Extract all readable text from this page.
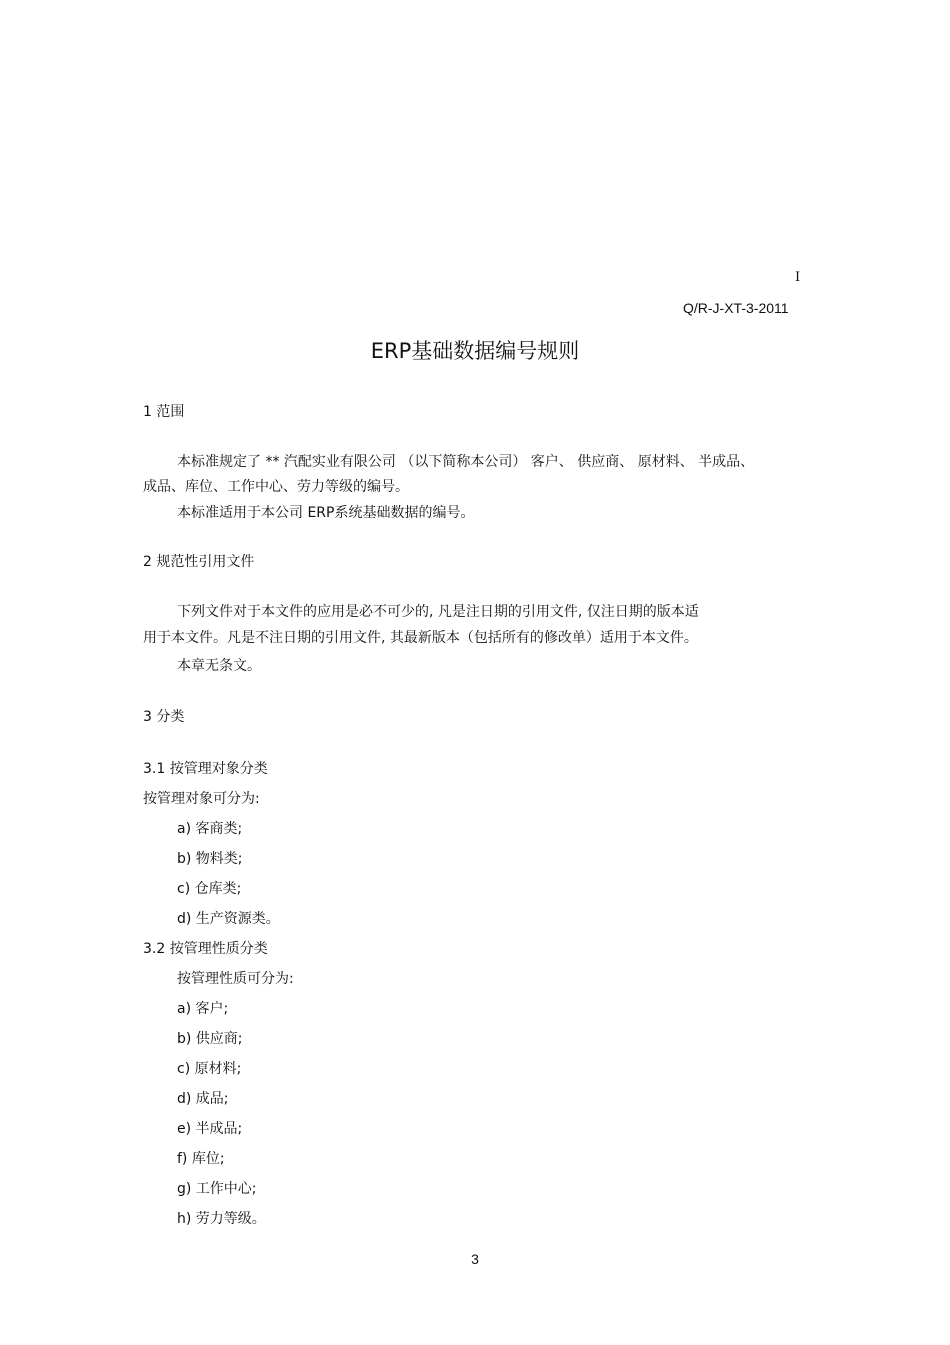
I
Q/R-J-XT-3-2011
ERP基础数据编号规则
1 范围
本标准规定了 ** 汽配实业有限公司 （以下简称本公司） 客户、 供应商、 原材料、 半成品、
成品、库位、工作中心、劳力等级的编号。
本标准适用于本公司 ERP系统基础数据的编号。
2 规范性引用文件
下列文件对于本文件的应用是必不可少的, 凡是注日期的引用文件, 仅注日期的版本适
用于本文件。凡是不注日期的引用文件, 其最新版本（包括所有的修改单）适用于本文件。
本章无条文。
3 分类
3.1 按管理对象分类
按管理对象可分为:
a) 客商类;
b) 物料类;
c) 仓库类;
d) 生产资源类。
3.2 按管理性质分类
按管理性质可分为:
a) 客户;
b) 供应商;
c) 原材料;
d) 成品;
e) 半成品;
f) 库位;
g) 工作中心;
h) 劳力等级。
3
